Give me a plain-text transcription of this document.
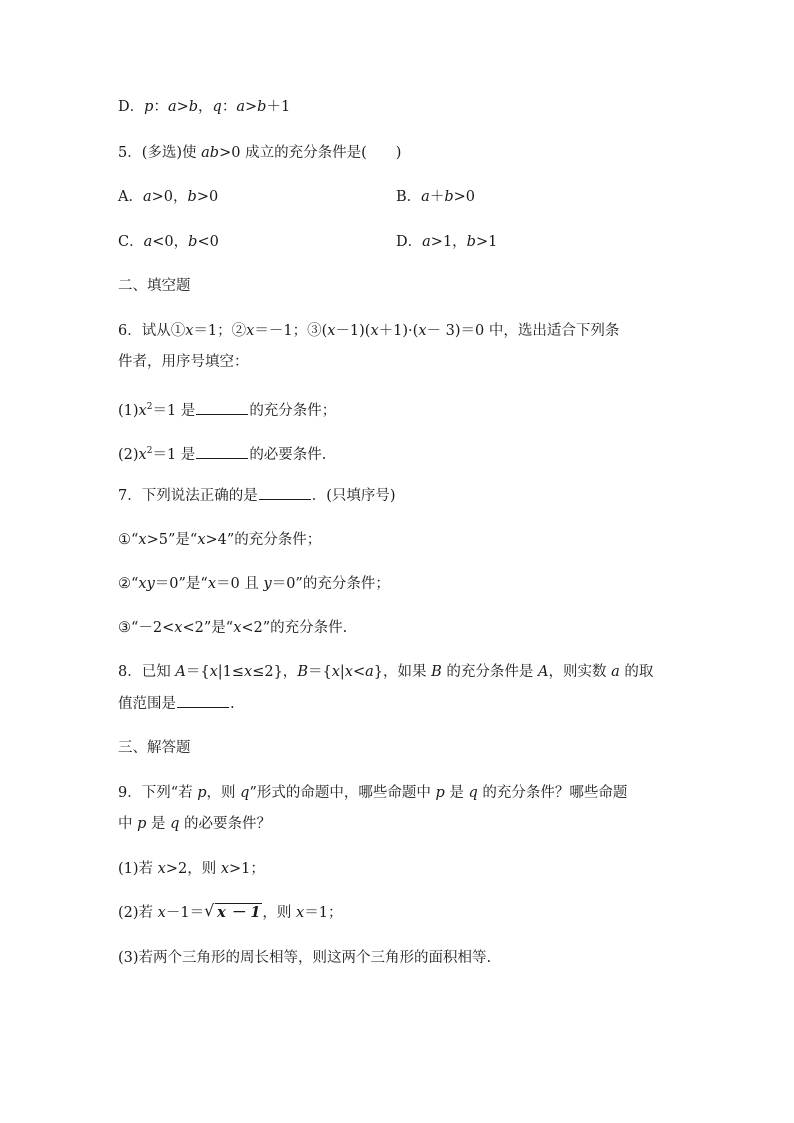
D．p：a>b，q：a>b＋1
5．(多选)使 ab>0 成立的充分条件是(　　)
A．a>0，b>0	B．a＋b>0
C．a<0，b<0	D．a>1，b>1
二、填空题
6．试从①x＝1；②x＝－1；③(x－1)(x＋1)·(x－ 3)＝0 中，选出适合下列条
件者，用序号填空：
$(1)x^2=1$ 是	的充分条件；
$(2)x^2=1$ 是	的必要条件.
7．下列说法正确的是	．(只填序号)
①“x>5”是“x>4”的充分条件；
②“xy＝0”是“x＝0 且 y＝0”的充分条件；
③“－2<x<2”是“x<2”的充分条件.
8．已知 A＝{x|1≤x≤2}，B＝{x|x<a}，如果 B 的充分条件是 A，则实数 a 的取
值范围是	.
三、解答题
9．下列“若 p，则 q”形式的命题中，哪些命题中 p 是 q 的充分条件？哪些命题
中 p 是 q 的必要条件？
(1)若 x>2，则 x>1；
(2)若 x－1＝√ x － 1 ，则 x＝1；
(3)若两个三角形的周长相等，则这两个三角形的面积相等.
